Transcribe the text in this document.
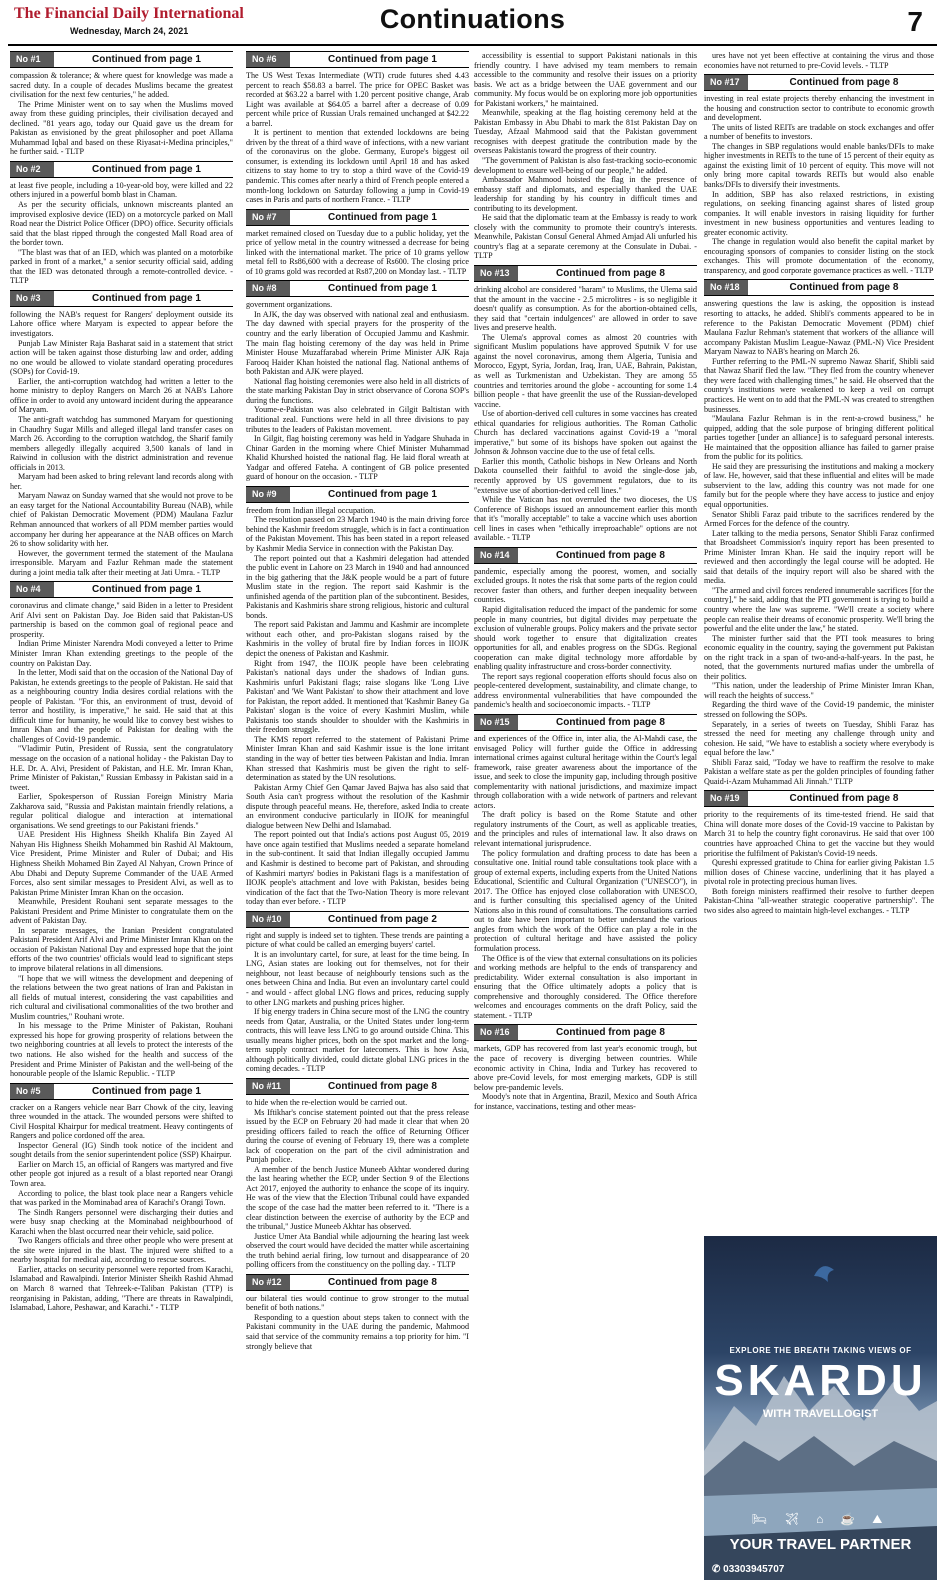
The Financial Daily International
Wednesday, March 24, 2021	Continuations	7
No #1	Continued from page 1

compassion & tolerance; & where quest for knowledge was made a sacred duty. In a couple of decades Muslims became the greatest civilisation for the next few centuries," he added.

The Prime Minister went on to say when the Muslims moved away from these guiding principles, their civilisation decayed and declined. "81 years ago, today our Quaid gave us the dream for Pakistan as envisioned by the great philosopher and poet Allama Muhammad Iqbal and based on these Riyasat-i-Medina principles," he further said. - TLTP

No #2	Continued from page 1

at least five people, including a 10-year-old boy, were killed and 22 others injured in a powerful bomb blast in Chaman.

As per the security officials, unknown miscreants planted an improvised explosive device (IED) on a motorcycle parked on Mall Road near the District Police Officer (DPO) office. Security officials said that the blast ripped through the congested Mall Road area of the border town.

"The blast was that of an IED, which was planted on a motorbike parked in front of a market," a senior security official said, adding that the IED was detonated through a remote-controlled device. - TLTP

No #3	Continued from page 1

following the NAB's request for Rangers' deployment outside its Lahore office where Maryam is expected to appear before the investigators.

Punjab Law Minister Raja Basharat said in a statement that strict action will be taken against those disturbing law and order, adding no one would be allowed to violate standard operating procedures (SOPs) for Covid-19.

Earlier, the anti-corruption watchdog had written a letter to the home ministry to deploy Rangers on March 26 at NAB's Lahore office in order to avoid any untoward incident during the appearance of Maryam.

The anti-graft watchdog has summoned Maryam for questioning in Chaudhry Sugar Mills and alleged illegal land transfer cases on March 26. According to the corruption watchdog, the Sharif family members allegedly illegally acquired 3,500 kanals of land in Raiwind in collusion with the district administration and revenue officials in 2013.

Maryam had been asked to bring relevant land records along with her.

Maryam Nawaz on Sunday warned that she would not prove to be an easy target for the National Accountability Bureau (NAB), while chief of Pakistan Democratic Movement (PDM) Maulana Fazlur Rehman announced that workers of all PDM member parties would accompany her during her appearance at the NAB offices on March 26 to show solidarity with her.

However, the government termed the statement of the Maulana irresponsible. Maryam and Fazlur Rehman made the statement during a joint media talk after their meeting at Jati Umra. - TLTP

No #4	Continued from page 1

coronavirus and climate change," said Biden in a letter to President Arif Alvi sent on Pakistan Day. Joe Biden said that Pakistan-US partnership is based on the common goal of regional peace and prosperity.

Indian Prime Minister Narendra Modi conveyed a letter to Prime Minister Imran Khan extending greetings to the people of the country on Pakistan Day.

In the letter, Modi said that on the occasion of the National Day of Pakistan, he extends greetings to the people of Pakistan. He said that as a neighbouring country India desires cordial relations with the people of Pakistan. "For this, an environment of trust, devoid of terror and hostility, is imperative," he said. He said that at this difficult time for humanity, he would like to convey best wishes to Imran Khan and the people of Pakistan for dealing with the challenges of Covid-19 pandemic.

"Vladimir Putin, President of Russia, sent the congratulatory message on the occasion of a national holiday - the Pakistan Day to H.E. Dr. A. Alvi, President of Pakistan, and H.E. Mr. Imran Khan, Prime Minister of Pakistan," Russian Embassy in Pakistan said in a tweet.

Earlier, Spokesperson of Russian Foreign Ministry Maria Zakharova said, "Russia and Pakistan maintain friendly relations, a regular political dialogue and interaction at international organisations. We send greetings to our Pakistani friends."

UAE President His Highness Sheikh Khalifa Bin Zayed Al Nahyan His Highness Sheikh Mohammed bin Rashid Al Maktoum, Vice President, Prime Minister and Ruler of Dubai; and His Highness Sheikh Mohamed Bin Zayed Al Nahyan, Crown Prince of Abu Dhabi and Deputy Supreme Commander of the UAE Armed Forces, also sent similar messages to President Alvi, as well as to Pakistan Prime Minister Imran Khan on the occasion.

Meanwhile, President Rouhani sent separate messages to the Pakistani President and Prime Minister to congratulate them on the advent of Pakistan Day.

In separate messages, the Iranian President congratulated Pakistani President Arif Alvi and Prime Minister Imran Khan on the occasion of Pakistan National Day and expressed hope that the joint efforts of the two countries' officials would lead to significant steps to improve bilateral relations in all dimensions.

"I hope that we will witness the development and deepening of the relations between the two great nations of Iran and Pakistan in all fields of mutual interest, considering the vast capabilities and rich cultural and civilisational commonalities of the two brother and Muslim countries," Rouhani wrote.

In his message to the Prime Minister of Pakistan, Rouhani expressed his hope for growing prosperity of relations between the two neighboring countries at all levels to protect the interests of the two nations. He also wished for the health and success of the President and Prime Minister of Pakistan and the well-being of the honourable people of the Islamic Republic. - TLTP

No #5	Continued from page 1

cracker on a Rangers vehicle near Barr Chowk of the city, leaving three wounded in the attack. The wounded persons were shifted to Civil Hospital Khairpur for medical treatment. Heavy contingents of Rangers and police cordoned off the area.

Inspector General (IG) Sindh took notice of the incident and sought details from the senior superintendent police (SSP) Khairpur.

Earlier on March 15, an official of Rangers was martyred and five other people got injured as a result of a blast reported near Orangi Town area.

According to police, the blast took place near a Rangers vehicle that was parked in the Mominabad area of Karachi's Orangi Town.

The Sindh Rangers personnel were discharging their duties and were busy snap checking at the Mominabad neighbourhood of Karachi when the blast occurred near their vehicle, said police.

Two Rangers officials and three other people who were present at the site were injured in the blast. The injured were shifted to a nearby hospital for medical aid, according to rescue sources.

Earlier, attacks on security personnel were reported from Karachi, Islamabad and Rawalpindi. Interior Minister Sheikh Rashid Ahmad on March 8 warned that Tehreek-e-Taliban Pakistan (TTP) is reorganising in Pakistan, adding, "There are threats in Rawalpindi, Islamabad, Lahore, Peshawar, and Karachi." - TLTP

No #6	Continued from page 1

The US West Texas Intermediate (WTI) crude futures shed 4.43 percent to reach $58.83 a barrel. The price for OPEC Basket was recorded at $63.22 a barrel with 1.20 percent positive change, Arab Light was available at $64.05 a barrel after a decrease of 0.09 percent while price of Russian Urals remained unchanged at $42.22 a barrel.

It is pertinent to mention that extended lockdowns are being driven by the threat of a third wave of infections, with a new variant of the coronavirus on the globe. Germany, Europe's biggest oil consumer, is extending its lockdown until April 18 and has asked citizens to stay home to try to stop a third wave of the Covid-19 pandemic. This comes after nearly a third of French people entered a month-long lockdown on Saturday following a jump in Covid-19 cases in Paris and parts of northern France. - TLTP

No #7	Continued from page 1

market remained closed on Tuesday due to a public holiday, yet the price of yellow metal in the country witnessed a decrease for being linked with the international market. The price of 10 grams yellow metal fell to Rs86,600 with a decrease of Rs600. The closing price of 10 grams gold was recorded at Rs87,200 on Monday last. - TLTP

No #8	Continued from page 1

government organizations.

In AJK, the day was observed with national zeal and enthusiasm. The day dawned with special prayers for the prosperity of the country and the early liberation of Occupied Jammu and Kashmir. The main flag hoisting ceremony of the day was held in Prime Minister House Muzaffarabad wherein Prime Minister AJK Raja Farooq Haider Khan hoisted the national flag. National anthems of both Pakistan and AJK were played.

National flag hoisting ceremonies were also held in all districts of the state marking Pakistan Day in strict observance of Corona SOP's during the functions.

Youme-e-Pakistan was also celebrated in Gilgit Baltistan with traditional zeal. Functions were held in all three divisions to pay tributes to the leaders of Pakistan movement.

In Gilgit, flag hoisting ceremony was held in Yadgare Shuhada in Chinar Garden in the morning where Chief Minister Muhammad Khalid Khurshed hoisted the national flag. He laid floral wreath at Yadgar and offered Fateha. A contingent of GB police presented guard of honour on the occasion. - TLTP

No #9	Continued from page 1

freedom from Indian illegal occupation.

The resolution passed on 23 March 1940 is the main driving force behind the Kashmir freedom struggle, which is in fact a continuation of the Pakistan Movement. This has been stated in a report released by Kashmir Media Service in connection with the Pakistan Day.

The report pointed out that a Kashmiri delegation had attended the public event in Lahore on 23 March in 1940 and had announced in the big gathering that the J&K people would be a part of future Muslim state in the region. The report said Kashmir is the unfinished agenda of the partition plan of the subcontinent. Besides, Pakistanis and Kashmiris share strong religious, historic and cultural bonds.

The report said Pakistan and Jammu and Kashmir are incomplete without each other, and pro-Pakistan slogans raised by the Kashmiris in the volley of brutal fire by Indian forces in IIOJK depict the oneness of Pakistan and Kashmir.

Right from 1947, the IIOJK people have been celebrating Pakistan's national days under the shadows of Indian guns. Kashmiris unfurl Pakistani flags; raise slogans like 'Long Live Pakistan' and 'We Want Pakistan' to show their attachment and love for Pakistan, the report added. It mentioned that 'Kashmir Baney Ga Pakistan' slogan is the voice of every Kashmiri Muslim, while Pakistanis too stands shoulder to shoulder with the Kashmiris in their freedom struggle.

The KMS report referred to the statement of Pakistani Prime Minister Imran Khan and said Kashmir issue is the lone irritant standing in the way of better ties between Pakistan and India. Imran Khan stressed that Kashmiris must be given the right to self-determination as stated by the UN resolutions.

Pakistan Army Chief Gen Qamar Javed Bajwa has also said that South Asia can't progress without the resolution of the Kashmir dispute through peaceful means. He, therefore, asked India to create an environment conducive particularly in IIOJK for meaningful dialogue between New Delhi and Islamabad.

The report pointed out that India's actions post August 05, 2019 have once again testified that Muslims needed a separate homeland in the sub-continent. It said that Indian illegally occupied Jammu and Kashmir is destined to become part of Pakistan, and shrouding of Kashmiri martyrs' bodies in Pakistani flags is a manifestation of IIOJK people's attachment and love with Pakistan, besides being vindication of the fact that the Two-Nation Theory is more relevant today than ever before. - TLTP

No #10	Continued from page 2

right and supply is indeed set to tighten. These trends are painting a picture of what could be called an emerging buyers' cartel.

It is an involuntary cartel, for sure, at least for the time being. In LNG, Asian states are looking out for themselves, not for their neighbour, not least because of neighbourly tensions such as the ones between China and India. But even an involuntary cartel could - and would - affect global LNG flows and prices, reducing supply to other LNG markets and pushing prices higher.

If big energy traders in China secure most of the LNG the country needs from Qatar, Australia, or the United States under long-term contracts, this will leave less LNG to go around outside China. This usually means higher prices, both on the spot market and the long-term supply contract market for latecomers. This is how Asia, although politically divided, could dictate global LNG prices in the coming decades. - TLTP

No #11	Continued from page 8

to hide when the re-election would be carried out.

Ms Iftikhar's concise statement pointed out that the press release issued by the ECP on February 20 had made it clear that when 20 presiding officers failed to reach the office of Returning Officer during the course of evening of February 19, there was a complete lack of cooperation on the part of the civil administration and Punjab police.

A member of the bench Justice Muneeb Akhtar wondered during the last hearing whether the ECP, under Section 9 of the Elections Act 2017, enjoyed the authority to enhance the scope of its inquiry. He was of the view that the Election Tribunal could have expanded the scope of the case had the matter been referred to it. "There is a clear distinction between the exercise of authority by the ECP and the tribunal," Justice Muneeb Akhtar has observed.

Justice Umer Ata Bandial while adjourning the hearing last week observed the court would have decided the matter while ascertaining the truth behind aerial firing, low turnout and disappearance of 20 polling officers from the constituency on the polling day. - TLTP

No #12	Continued from page 8

our bilateral ties would continue to grow stronger to the mutual benefit of both nations."

Responding to a question about steps taken to connect with the Pakistani community in the UAE during the pandemic, Mahmood said that service of the community remains a top priority for him. "I strongly believe that

accessibility is essential to support Pakistani nationals in this friendly country. I have advised my team members to remain accessible to the community and resolve their issues on a priority basis. We act as a bridge between the UAE government and our community. My focus would be on exploring more job opportunities for Pakistani workers," he maintained.

Meanwhile, speaking at the flag hoisting ceremony held at the Pakistan Embassy in Abu Dhabi to mark the 81st Pakistan Day on Tuesday, Afzaal Mahmood said that the Pakistan government recognises with deepest gratitude the contribution made by the overseas Pakistanis toward the progress of their country.

"The government of Pakistan is also fast-tracking socio-economic development to ensure well-being of our people," he added.

Ambassador Mahmood hoisted the flag in the presence of embassy staff and diplomats, and especially thanked the UAE leadership for standing by his country in difficult times and contributing to its development.

He said that the diplomatic team at the Embassy is ready to work closely with the community to promote their country's interests. Meanwhile, Pakistan Consul General Ahmed Amjad Ali unfurled his country's flag at a separate ceremony at the Consulate in Dubai. - TLTP

No #13	Continued from page 8

drinking alcohol are considered "haram" to Muslims, the Ulema said that the amount in the vaccine - 2.5 microlitres - is so negligible it doesn't qualify as consumption. As for the abortion-obtained cells, they said that "certain indulgences" are allowed in order to save lives and preserve health.

The Ulema's approval comes as almost 20 countries with significant Muslim populations have approved Sputnik V for use against the novel coronavirus, among them Algeria, Tunisia and Morocco, Egypt, Syria, Jordan, Iraq, Iran, UAE, Bahrain, Pakistan, as well as Turkmenistan and Uzbekistan. They are among 55 countries and territories around the globe - accounting for some 1.4 billion people - that have greenlit the use of the Russian-developed vaccine.

Use of abortion-derived cell cultures in some vaccines has created ethical quandaries for religious authorities. The Roman Catholic Church has declared vaccinations against Covid-19 a "moral imperative," but some of its bishops have spoken out against the Johnson & Johnson vaccine due to the use of fetal cells.

Earlier this month, Catholic bishops in New Orleans and North Dakota counselled their faithful to avoid the single-dose jab, recently approved by US government regulators, due to its "extensive use of abortion-derived cell lines."

While the Vatican has not overruled the two dioceses, the US Conference of Bishops issued an announcement earlier this month that it's "morally acceptable" to take a vaccine which uses abortion cell lines in cases when "ethically irreproachable" options are not available. - TLTP

No #14	Continued from page 8

pandemic, especially among the poorest, women, and socially excluded groups. It notes the risk that some parts of the region could recover faster than others, and further deepen inequality between countries.

Rapid digitalisation reduced the impact of the pandemic for some people in many countries, but digital divides may perpetuate the exclusion of vulnerable groups. Policy makers and the private sector should work together to ensure that digitalization creates opportunities for all, and enables progress on the SDGs. Regional cooperation can make digital technology more affordable by enabling quality infrastructure and cross-border connectivity.

The report says regional cooperation efforts should focus also on people-centered development, sustainability, and climate change, to address environmental vulnerabilities that have compounded the pandemic's health and socioeconomic impacts. - TLTP

No #15	Continued from page 8

and experiences of the Office in, inter alia, the Al-Mahdi case, the envisaged Policy will further guide the Office in addressing international crimes against cultural heritage within the Court's legal framework, raise greater awareness about the importance of the issue, and seek to close the impunity gap, including through positive complementarity with national jurisdictions, and maximize impact through collaboration with a wide network of partners and relevant actors.

The draft policy is based on the Rome Statute and other regulatory instruments of the Court, as well as applicable treaties, and the principles and rules of international law. It also draws on relevant international jurisprudence.

The policy formulation and drafting process to date has been a consultative one. Initial round table consultations took place with a group of external experts, including experts from the United Nations Educational, Scientific and Cultural Organization ("UNESCO"), in 2017. The Office has enjoyed close collaboration with UNESCO, and is further consulting this specialised agency of the United Nations also in this round of consultations. The consultations carried out to date have been important to better understand the various angles from which the work of the Office can play a role in the protection of cultural heritage and have assisted the policy formulation process.

The Office is of the view that external consultations on its policies and working methods are helpful to the ends of transparency and predictability. Wider external consultation is also important in ensuring that the Office ultimately adopts a policy that is comprehensive and thoroughly considered. The Office therefore welcomes and encourages comments on the draft Policy, said the statement. - TLTP

No #16	Continued from page 8

markets, GDP has recovered from last year's economic trough, but the pace of recovery is diverging between countries. While economic activity in China, India and Turkey has recovered to above pre-Covid levels, for most emerging markets, GDP is still below pre-pandemic levels.

Moody's note that in Argentina, Brazil, Mexico and South Africa for instance, vaccinations, testing and other meas-

ures have not yet been effective at containing the virus and those economies have not returned to pre-Covid levels. - TLTP

No #17	Continued from page 8

investing in real estate projects thereby enhancing the investment in the housing and construction sector to contribute to economic growth and development.

The units of listed REITs are tradable on stock exchanges and offer a number of benefits to investors.

The changes in SBP regulations would enable banks/DFIs to make higher investments in REITs to the tune of 15 percent of their equity as against the existing limit of 10 percent of equity. This move will not only bring more capital towards REITs but would also enable banks/DFIs to diversify their investments.

In addition, SBP has also relaxed restrictions, in existing regulations, on seeking financing against shares of listed group companies. It will enable investors in raising liquidity for further investment in new business opportunities and ventures leading to greater economic activity.

The change in regulation would also benefit the capital market by encouraging sponsors of companies to consider listing on the stock exchanges. This will promote documentation of the economy, transparency, and good corporate governance practices as well. - TLTP

No #18	Continued from page 8

answering questions the law is asking, the opposition is instead resorting to attacks, he added. Shibli's comments appeared to be in reference to the Pakistan Democratic Movement (PDM) chief Maulana Fazlur Rehman's statement that workers of the alliance will accompany Pakistan Muslim League-Nawaz (PML-N) Vice President Maryam Nawaz to NAB's hearing on March 26.

Further referring to the PML-N supremo Nawaz Sharif, Shibli said that Nawaz Sharif fled the law. "They fled from the country whenever they were faced with challenging times," he said. He observed that the country's institutions were weakened to keep a veil on corrupt practices. He went on to add that the PML-N was created to strengthen businesses.

"Maulana Fazlur Rehman is in the rent-a-crowd business," he quipped, adding that the sole purpose of bringing different political parties together [under an alliance] is to safeguard personal interests. He maintained that the opposition alliance has failed to garner praise from the public for its politics.

He said they are pressurising the institutions and making a mockery of law. He, however, said that these influential and elites will be made subservient to the law, adding this country was not made for one family but for the people where they have access to justice and enjoy equal opportunities.

Senator Shibli Faraz paid tribute to the sacrifices rendered by the Armed Forces for the defence of the country.

Later talking to the media persons, Senator Shibli Faraz confirmed that Broadsheet Commission's inquiry report has been presented to Prime Minister Imran Khan. He said the inquiry report will be reviewed and then accordingly the legal course will be adopted. He said that details of the inquiry report will also be shared with the media.

"The armed and civil forces rendered innumerable sacrifices [for the country]," he said, adding that the PTI government is trying to build a country where the law was supreme. "We'll create a society where people can realise their dreams of economic prosperity. We'll bring the powerful and the elite under the law," he stated.

The minister further said that the PTI took measures to bring economic equality in the country, saying the government put Pakistan on the right track in a span of two-and-a-half-years. In the past, he noted, that the governments nurtured mafias under the umbrella of their politics.

"This nation, under the leadership of Prime Minister Imran Khan, will reach the heights of success."

Regarding the third wave of the Covid-19 pandemic, the minister stressed on following the SOPs.

Separately, in a series of tweets on Tuesday, Shibli Faraz has stressed the need for meeting any challenge through unity and cohesion. He said, "We have to establish a society where everybody is equal before the law."

Shibli Faraz said, "Today we have to reaffirm the resolve to make Pakistan a welfare state as per the golden principles of founding father Quaid-i-Azam Muhammad Ali Jinnah." TLTP

No #19	Continued from page 8

priority to the requirements of its time-tested friend. He said that China will donate more doses of the Covid-19 vaccine to Pakistan by March 31 to help the country fight coronavirus. He said that over 100 countries have approached China to get the vaccine but they would prioritise the fulfilment of Pakistan's Covid-19 needs.

Qureshi expressed gratitude to China for earlier giving Pakistan 1.5 million doses of Chinese vaccine, underlining that it has played a pivotal role in protecting precious human lives.

Both foreign ministers reaffirmed their resolve to further deepen Pakistan-China "all-weather strategic cooperative partnership". The two sides also agreed to maintain high-level exchanges. - TLTP

EXPLORE THE BREATH TAKING VIEWS OF
SKARDU
WITH TRAVELLOGIST
🛏 ✈ ⌂ ☕ ⛰
YOUR TRAVEL PARTNER
✆ 03303945707
